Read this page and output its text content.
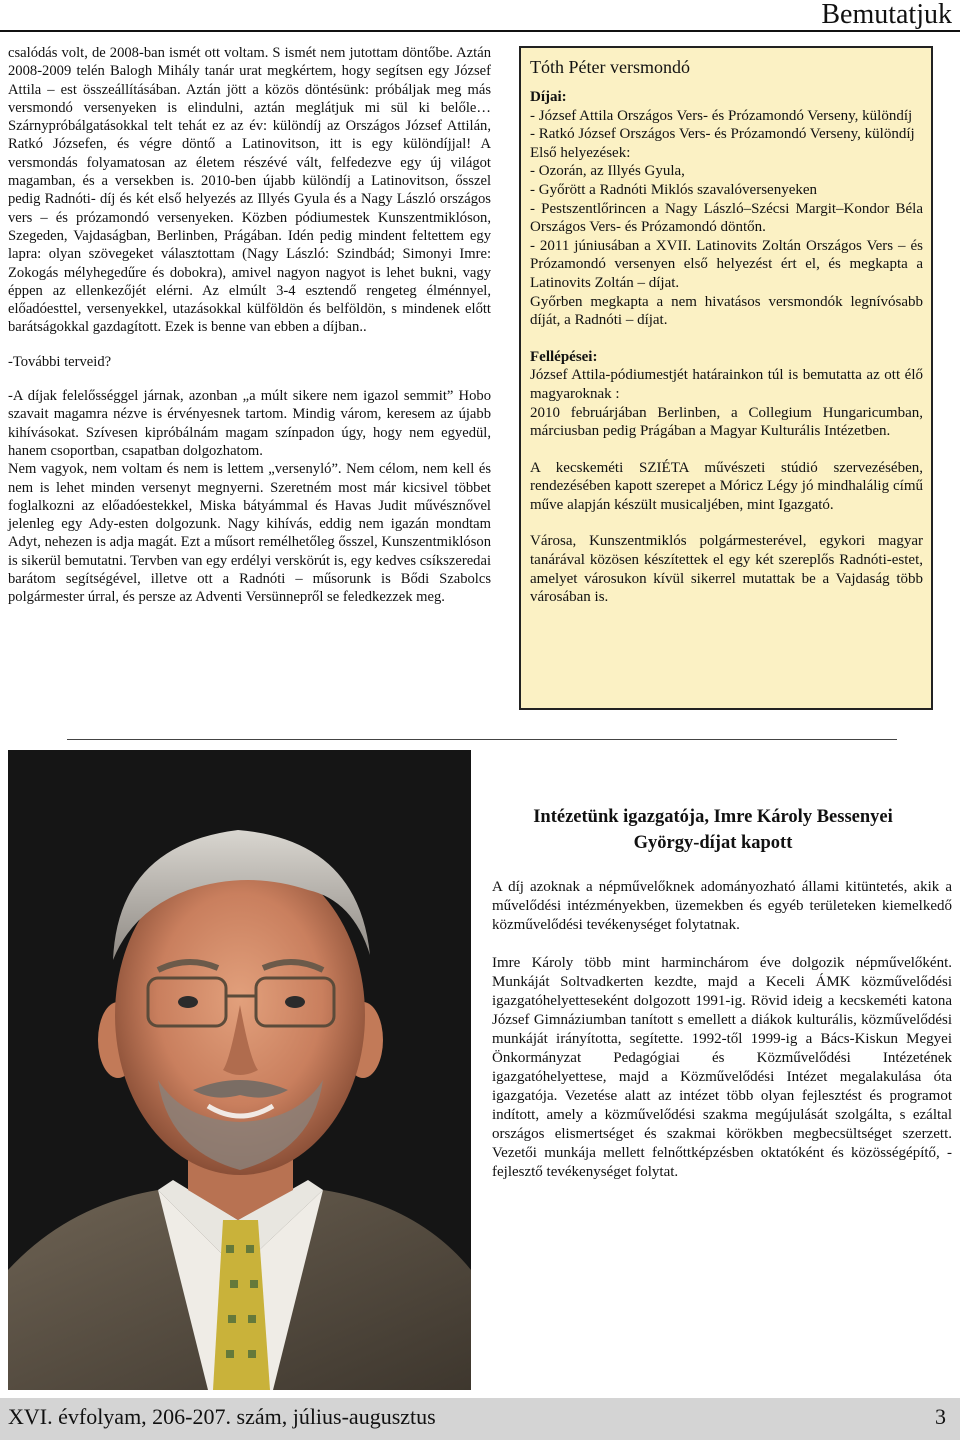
Bemutatjuk

csalódás volt, de 2008-ban ismét ott voltam. S ismét nem jutottam döntőbe. Aztán 2008-2009 telén Balogh Mihály tanár urat megkértem, hogy segítsen egy József Attila – est összeállításában. Aztán jött a közös döntésünk: próbáljak meg más versmondó versenyeken is elindulni, aztán meglátjuk mi sül ki belőle…Szárnypróbálgatásokkal telt tehát ez az év: különdíj az Országos József Attilán, Ratkó Józsefen, és végre döntő a Latinovitson, itt is egy különdíjjal! A versmondás folyamatosan az életem részévé vált, felfedezve egy új világot magamban, és a versekben is. 2010-ben újabb különdíj a Latinovitson, ősszel pedig Radnóti- díj és két első helyezés az Illyés Gyula és a Nagy László országos vers – és prózamondó versenyeken. Közben pódiumestek Kunszentmiklóson, Szegeden, Vajdaságban, Berlinben, Prágában. Idén pedig mindent feltettem egy lapra: olyan szövegeket választottam (Nagy László: Szindbád; Simonyi Imre: Zokogás mélyhegedűre és dobokra), amivel nagyon nagyot is lehet bukni, vagy éppen az ellenkezőjét elérni. Az elmúlt 3-4 esztendő rengeteg élménnyel, előadóesttel, versenyekkel, utazásokkal külföldön és belföldön, s mindenek előtt barátságokkal gazdagított. Ezek is benne van ebben a díjban..

-További terveid?

-A díjak felelősséggel járnak, azonban „a múlt sikere nem igazol semmit” Hobo szavait magamra nézve is érvényesnek tartom. Mindig várom, keresem az újabb kihívásokat. Szívesen kipróbálnám magam színpadon úgy, hogy nem egyedül, hanem csoportban, csapatban dolgozhatom.

Nem vagyok, nem voltam és nem is lettem „versenyló”. Nem célom, nem kell és nem is lehet minden versenyt megnyerni. Szeretném most már kicsivel többet foglalkozni az előadóestekkel, Miska bátyámmal és Havas Judit művésznővel jelenleg egy Ady-esten dolgozunk. Nagy kihívás, eddig nem igazán mondtam Adyt, nehezen is adja magát. Ezt a műsort remélhetőleg ősszel, Kunszentmiklóson is sikerül bemutatni. Tervben van egy erdélyi verskörút is, egy kedves csíkszeredai barátom segítségével, illetve ott a Radnóti – műsorunk is Bődi Szabolcs polgármester úrral, és persze az Adventi Versünnepről se feledkezzek meg.

Tóth Péter versmondó

Díjai:

- József Attila Országos Vers- és Prózamondó Verseny, különdíj

- Ratkó József Országos Vers- és Prózamondó Verseny, különdíj

Első helyezések:

- Ozorán, az Illyés Gyula,

- Győrött a Radnóti Miklós szavalóversenyeken

- Pestszentlőrincen a Nagy László–Szécsi Margit–Kondor Béla Országos Vers- és Prózamondó döntőn.

- 2011 júniusában a XVII. Latinovits Zoltán Országos Vers – és Prózamondó versenyen első helyezést ért el, és megkapta a Latinovits Zoltán – díjat.

Győrben megkapta a nem hivatásos versmondók legnívósabb díját, a Radnóti – díjat.

Fellépései:

József Attila-pódiumestjét határainkon túl is bemutatta az ott élő magyaroknak :

2010 februárjában Berlinben, a Collegium Hungaricumban, márciusban pedig Prágában a Magyar Kulturális Intézetben.

A kecskeméti SZIÉTA művészeti stúdió szervezésében, rendezésében kapott szerepet a Móricz Légy jó mindhalálig című műve alapján készült musicaljében, mint Igazgató.

Városa, Kunszentmiklós polgármesterével, egykori magyar tanárával közösen készítettek el egy két szereplős Radnóti-estet, amelyet városukon kívül sikerrel mutattak be a Vajdaság több városában is.

Intézetünk igazgatója, Imre Károly Bessenyei
György-díjat kapott

A díj azoknak a népművelőknek adományozható állami kitüntetés, akik a művelődési intézményekben, üzemekben és egyéb területeken kiemelkedő közművelődési tevékenységet folytatnak.

Imre Károly több mint harminchárom éve dolgozik népművelőként. Munkáját Soltvadkerten kezdte, majd a Keceli ÁMK közművelődési igazgatóhelyetteseként dolgozott 1991-ig. Rövid ideig a kecskeméti katona József Gimnáziumban tanított s emellett a diákok kulturális, közművelődési munkáját irányította, segítette. 1992-től 1999-ig a Bács-Kiskun Megyei Önkormányzat Pedagógiai és Közművelődési Intézetének igazgatóhelyettese, majd a Közművelődési Intézet megalakulása óta igazgatója. Vezetése alatt az intézet több olyan fejlesztést és programot indított, amely a közművelődési szakma megújulását szolgálta, s ezáltal országos elismertséget és szakmai körökben megbecsültséget szerzett. Vezetői munkája mellett felnőttképzésben oktatóként és közösségépítő, -fejlesztő tevékenységet folytat.

XVI. évfolyam, 206-207. szám, július-augusztus	3
